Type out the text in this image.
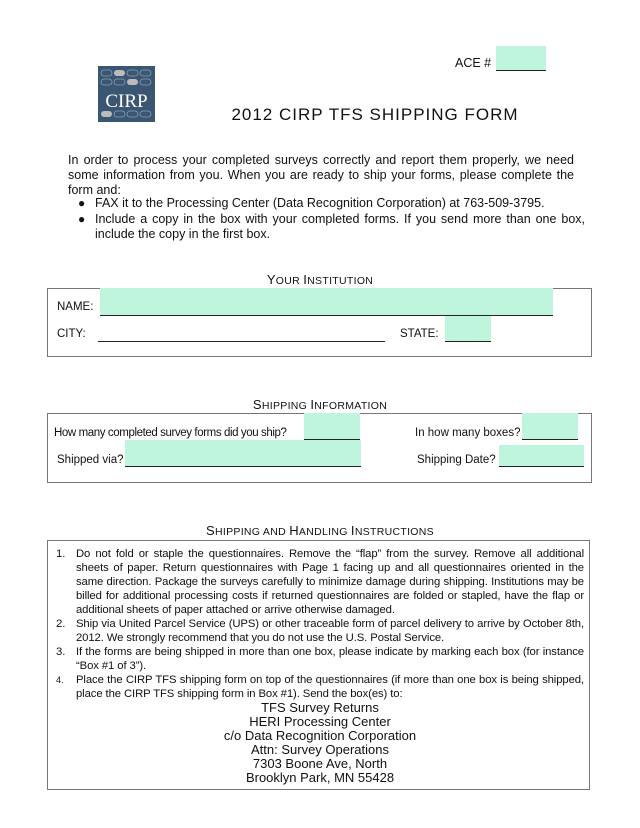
ACE #
CIRP
2012 CIRP TFS SHIPPING FORM
In order to process your completed surveys correctly and report them properly, we need some information from you. When you are ready to ship your forms, please complete the form and:
● FAX it to the Processing Center (Data Recognition Corporation) at 763-509-3795.
● Include a copy in the box with your completed forms. If you send more than one box, include the copy in the first box.
YOUR INSTITUTION
NAME:
CITY:	STATE:
SHIPPING INFORMATION
How many completed survey forms did you ship?	In how many boxes?
Shipped via?	Shipping Date?
SHIPPING AND HANDLING INSTRUCTIONS
1. Do not fold or staple the questionnaires. Remove the “flap” from the survey. Remove all additional sheets of paper. Return questionnaires with Page 1 facing up and all questionnaires oriented in the same direction. Package the surveys carefully to minimize damage during shipping. Institutions may be billed for additional processing costs if returned questionnaires are folded or stapled, have the flap or additional sheets of paper attached or arrive otherwise damaged.
2. Ship via United Parcel Service (UPS) or other traceable form of parcel delivery to arrive by October 8th, 2012. We strongly recommend that you do not use the U.S. Postal Service.
3. If the forms are being shipped in more than one box, please indicate by marking each box (for instance “Box #1 of 3”).
4.	Place the CIRP TFS shipping form on top of the questionnaires (if more than one box is being shipped, place the CIRP TFS shipping form in Box #1). Send the box(es) to:
TFS Survey Returns
HERI Processing Center
c/o Data Recognition Corporation
Attn: Survey Operations
7303 Boone Ave, North
Brooklyn Park, MN 55428
